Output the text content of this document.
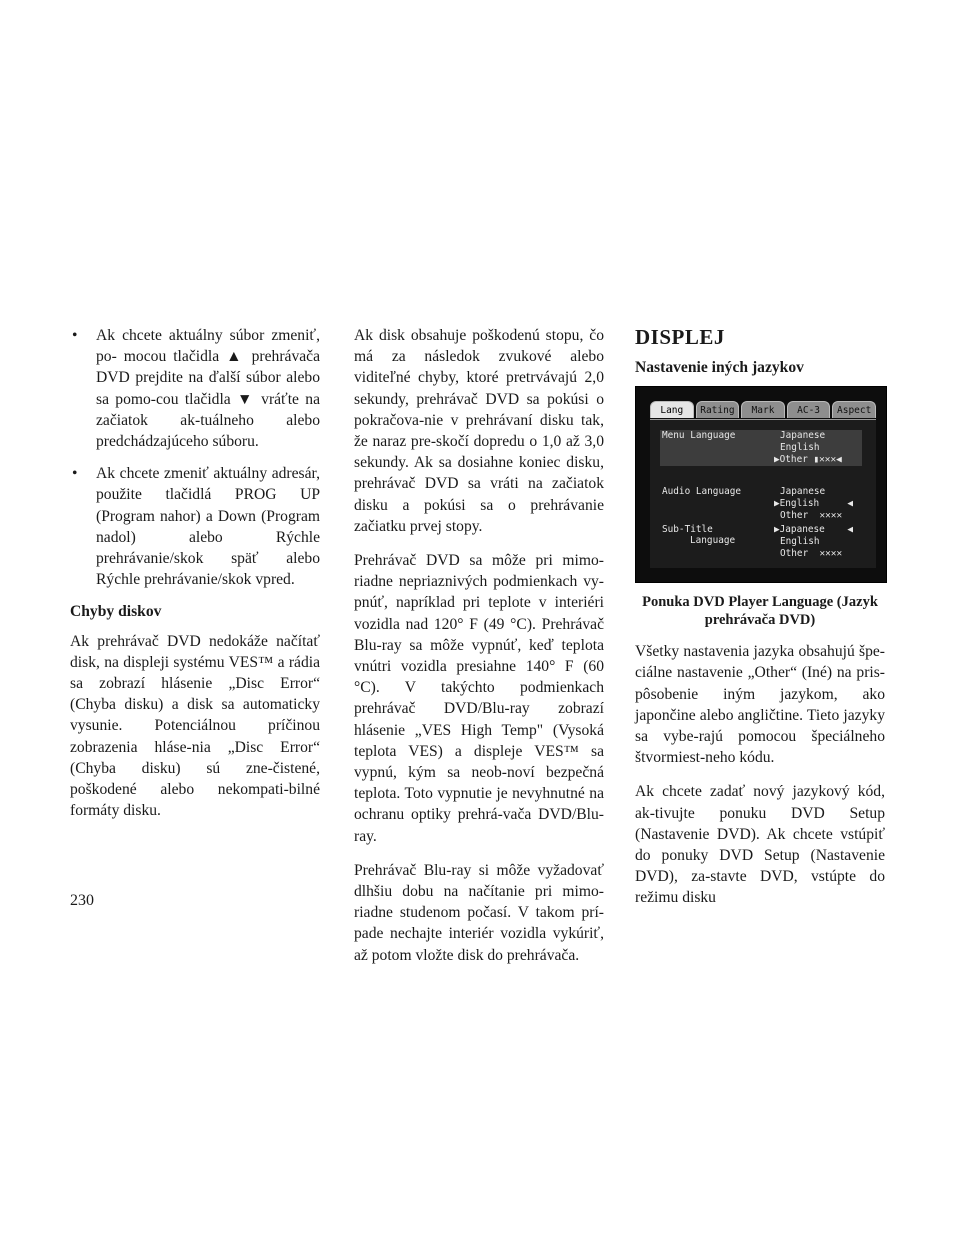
• Ak chcete aktuálny súbor zmeniť, po- mocou tlačidla ▲ prehrávača DVD prejdite na ďalší súbor alebo sa pomo-cou tlačidla ▼ vráťte na začiatok ak-tuálneho alebo predchádzajúceho súboru.
• Ak chcete zmeniť aktuálny adresár, použite tlačidlá PROG UP (Program nahor) a Down (Program nadol) alebo Rýchle prehrávanie/skok späť alebo Rýchle prehrávanie/skok vpred.
Chyby diskov

Ak prehrávač DVD nedokáže načítať disk, na displeji systému VES™ a rádia sa zobrazí hlásenie „Disc Error“ (Chyba disku) a disk sa automaticky vysunie. Potenciálnou príčinou zobrazenia hláse-nia „Disc Error“ (Chyba disku) sú zne-čistené, poškodené alebo nekompati-bilné formáty disku.

Ak disk obsahuje poškodenú stopu, čo má za následok zvukové alebo viditeľné chyby, ktoré pretrvávajú 2,0 sekundy, prehrávač DVD sa pokúsi o pokračova-nie v prehrávaní disku tak, že naraz pre-skočí dopredu o 1,0 až 3,0 sekundy. Ak sa dosiahne koniec disku, prehrávač DVD sa vráti na začiatok disku a pokúsi sa o prehrávanie začiatku prvej stopy.

Prehrávač DVD sa môže pri mimo-riadne nepriaznivých podmienkach vy-pnúť, napríklad pri teplote v interiéri vozidla nad 120° F (49 °C). Prehrávač Blu-ray sa môže vypnúť, keď teplota vnútri vozidla presiahne 140° F (60 °C). V takýchto podmienkach prehrávač DVD/Blu-ray zobrazí hlásenie „VES High Temp" (Vysoká teplota VES) a displeje VES™ sa vypnú, kým sa neob-noví bezpečná teplota. Toto vypnutie je nevyhnutné na ochranu optiky prehrá-vača DVD/Blu-ray.

Prehrávač Blu-ray si môže vyžadovať dlhšiu dobu na načítanie pri mimo-riadne studenom počasí. V takom prí-pade nechajte interiér vozidla vykúriť, až potom vložte disk do prehrávača.

DISPLEJ
Nastavenie iných jazykov
Lang	Rating	Mark	AC-3	Aspect
Menu Language	Japanese
English
▶Other ▮✕✕✕◀
Audio Language	Japanese
▶English     ◀
Other  ✕✕✕✕
Sub-Title
Language
▶Japanese    ◀
English
Other  ✕✕✕✕

Ponuka DVD Player Language (Jazyk prehrávača DVD)

Všetky nastavenia jazyka obsahujú špe-ciálne nastavenie „Other“ (Iné) na pris-pôsobenie iným jazykom, ako japončine alebo angličtine. Tieto jazyky sa vybe-rajú pomocou špeciálneho štvormiest-neho kódu.

Ak chcete zadať nový jazykový kód, ak-tivujte ponuku DVD Setup (Nastavenie DVD). Ak chcete vstúpiť do ponuky DVD Setup (Nastavenie DVD), za-stavte DVD, vstúpte do režimu disku

230
